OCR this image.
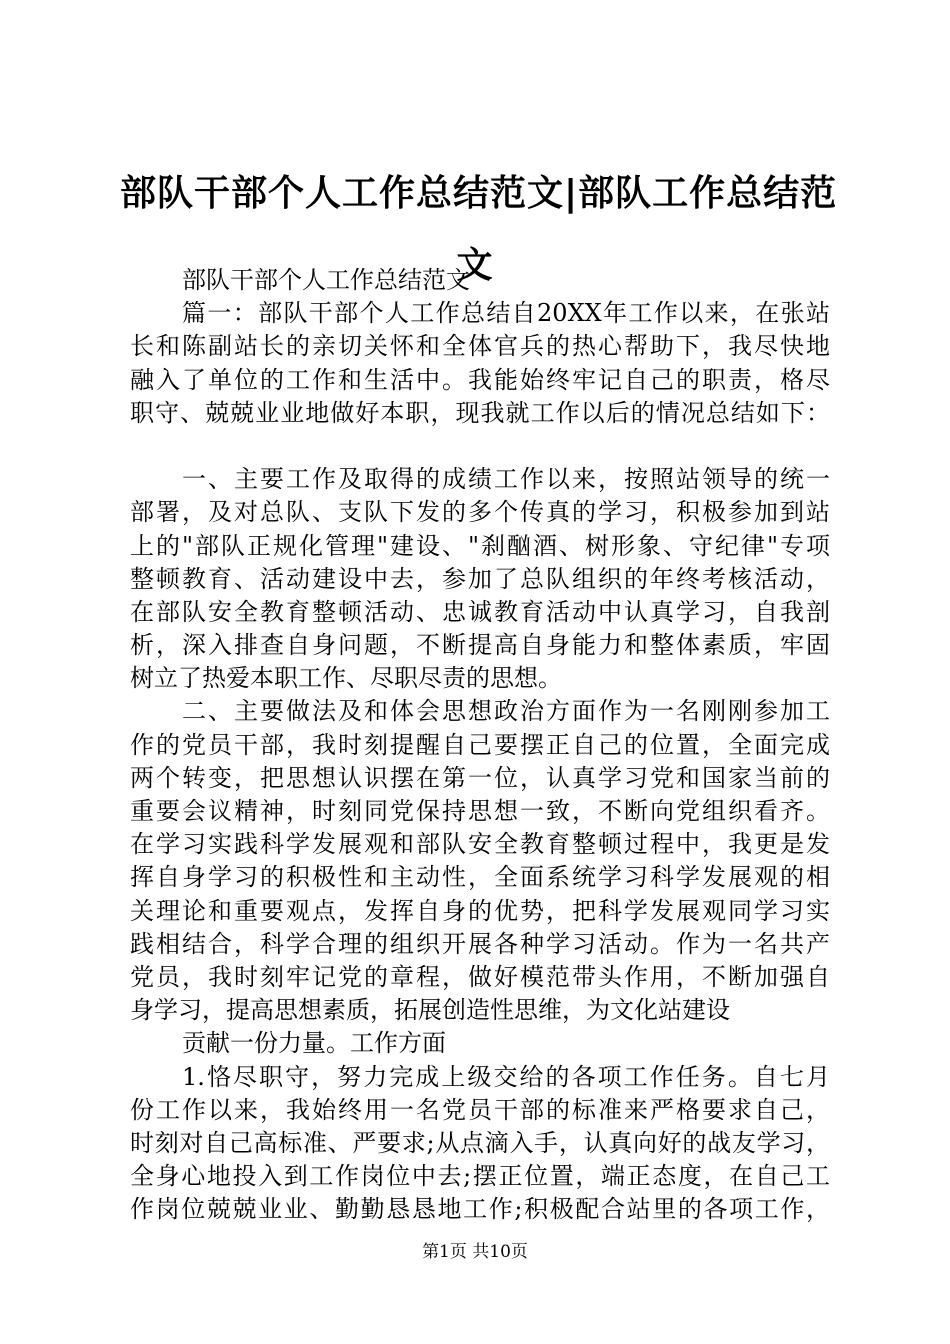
部队干部个人工作总结范文|部队工作总结范
文
部队干部个人工作总结范文
篇一：部队干部个人工作总结自20XX年工作以来，在张站
长和陈副站长的亲切关怀和全体官兵的热心帮助下，我尽快地
融入了单位的工作和生活中。我能始终牢记自己的职责，格尽
职守、兢兢业业地做好本职，现我就工作以后的情况总结如下：
一、主要工作及取得的成绩工作以来，按照站领导的统一
部署，及对总队、支队下发的多个传真的学习，积极参加到站
上的"部队正规化管理"建设、"刹酗酒、树形象、守纪律"专项
整顿教育、活动建设中去，参加了总队组织的年终考核活动，
在部队安全教育整顿活动、忠诚教育活动中认真学习，自我剖
析，深入排查自身问题，不断提高自身能力和整体素质，牢固
树立了热爱本职工作、尽职尽责的思想。
二、主要做法及和体会思想政治方面作为一名刚刚参加工
作的党员干部，我时刻提醒自己要摆正自己的位置，全面完成
两个转变，把思想认识摆在第一位，认真学习党和国家当前的
重要会议精神，时刻同党保持思想一致，不断向党组织看齐。
在学习实践科学发展观和部队安全教育整顿过程中，我更是发
挥自身学习的积极性和主动性，全面系统学习科学发展观的相
关理论和重要观点，发挥自身的优势，把科学发展观同学习实
践相结合，科学合理的组织开展各种学习活动。作为一名共产
党员，我时刻牢记党的章程，做好模范带头作用，不断加强自
身学习，提高思想素质，拓展创造性思维，为文化站建设
贡献一份力量。工作方面
1.恪尽职守，努力完成上级交给的各项工作任务。自七月
份工作以来，我始终用一名党员干部的标准来严格要求自己，
时刻对自己高标准、严要求;从点滴入手，认真向好的战友学习，
全身心地投入到工作岗位中去;摆正位置，端正态度，在自己工
作岗位兢兢业业、勤勤恳恳地工作;积极配合站里的各项工作，
第1页 共10页
